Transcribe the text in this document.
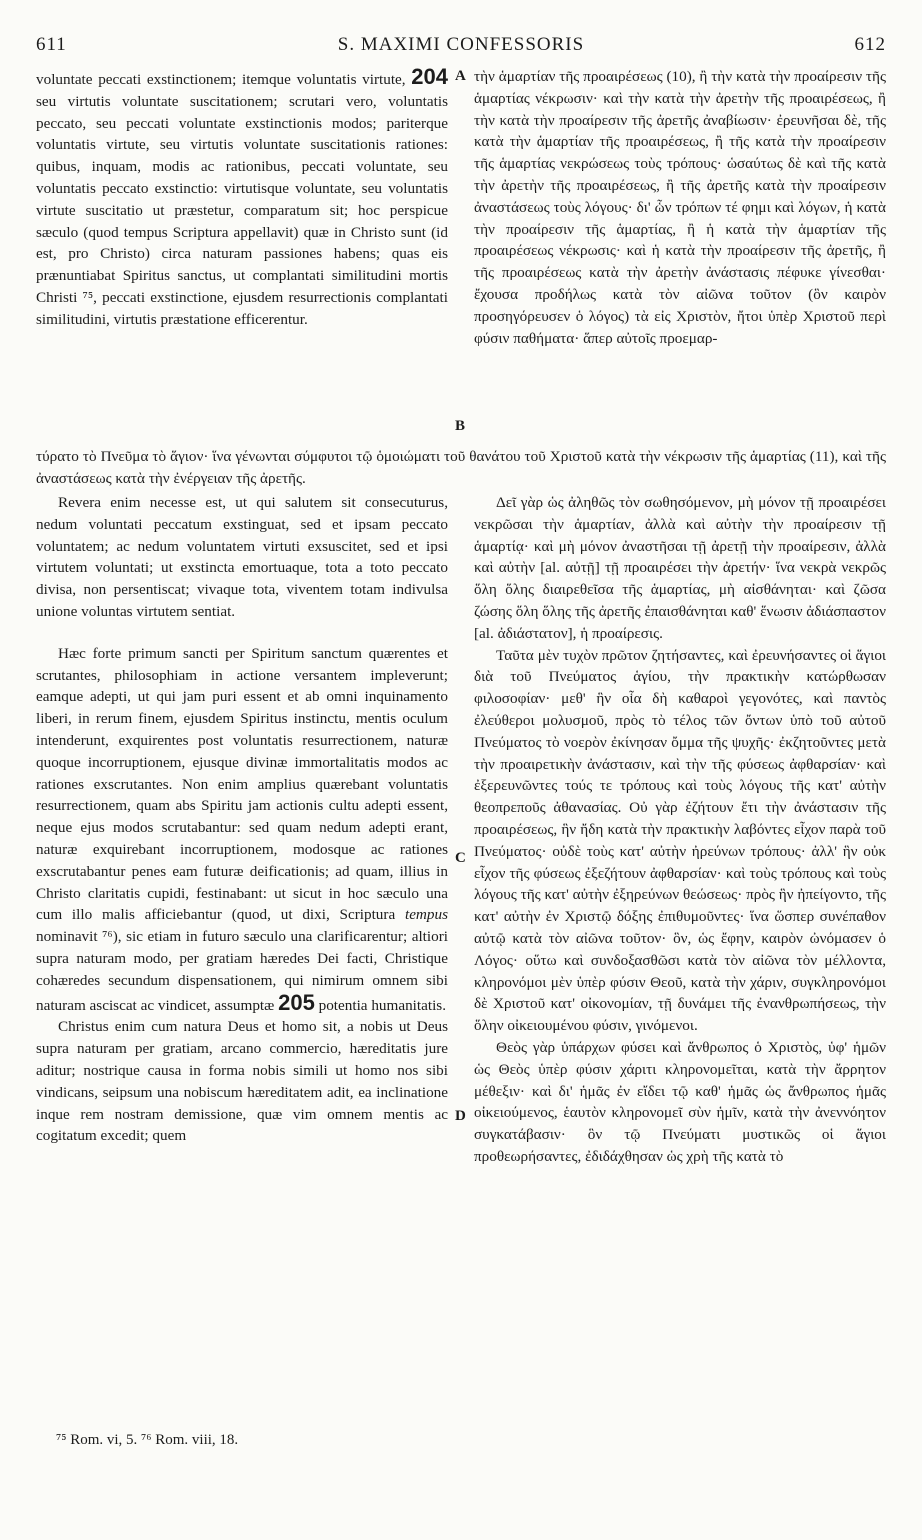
611	S. MAXIMI CONFESSORIS	612

voluntate peccati exstinctionem; itemque voluntatis virtute, 204 seu virtutis voluntate suscitationem; scrutari vero, voluntatis peccato, seu peccati voluntate exstinctionis modos; pariterque voluntatis virtute, seu virtutis voluntate suscitationis rationes: quibus, inquam, modis ac rationibus, peccati voluntate, seu voluntatis peccato exstinctio: virtutisque voluntate, seu voluntatis virtute suscitatio ut præstetur, comparatum sit; hoc perspicue sæculo (quod tempus Scriptura appellavit) quæ in Christo sunt (id est, pro Christo) circa naturam passiones habens; quas eis prænuntiabat Spiritus sanctus, ut complantati similitudini mortis Christi ⁷⁵, peccati exstinctione, ejusdem resurrectionis complantati similitudini, virtutis præstatione efficerentur.

τὴν ἁμαρτίαν τῆς προαιρέσεως (10), ἢ τὴν κατὰ τὴν προαίρεσιν τῆς ἁμαρτίας νέκρωσιν· καὶ τὴν κατὰ τὴν ἀρετὴν τῆς προαιρέσεως, ἢ τὴν κατὰ τὴν προαίρεσιν τῆς ἀρετῆς ἀναβίωσιν· ἐρευνῆσαι δὲ, τῆς κατὰ τὴν ἁμαρτίαν τῆς προαιρέσεως, ἢ τῆς κατὰ τὴν προαίρεσιν τῆς ἁμαρτίας νεκρώσεως τοὺς τρόπους· ὡσαύτως δὲ καὶ τῆς κατὰ τὴν ἀρετὴν τῆς προαιρέσεως, ἢ τῆς ἀρετῆς κατὰ τὴν προαίρεσιν ἀναστάσεως τοὺς λόγους· δι' ὧν τρόπων τέ φημι καὶ λόγων, ἡ κατὰ τὴν προαίρεσιν τῆς ἁμαρτίας, ἢ ἡ κατὰ τὴν ἁμαρτίαν τῆς προαιρέσεως νέκρωσις· καὶ ἡ κατὰ τὴν προαίρεσιν τῆς ἀρετῆς, ἢ τῆς προαιρέσεως κατὰ τὴν ἀρετὴν ἀνάστασις πέφυκε γίνεσθαι· ἔχουσα προδήλως κατὰ τὸν αἰῶνα τοῦτον (ὃν καιρὸν προσηγόρευσεν ὁ λόγος) τὰ εἰς Χριστὸν, ἤτοι ὑπὲρ Χριστοῦ περὶ φύσιν παθήματα· ἅπερ αὐτοῖς προεμαρ-

τύρατο τὸ Πνεῦμα τὸ ἅγιον· ἵνα γένωνται σύμφυτοι τῷ ὁμοιώματι τοῦ θανάτου τοῦ Χριστοῦ κατὰ τὴν νέκρωσιν τῆς ἁμαρτίας (11), καὶ τῆς ἀναστάσεως κατὰ τὴν ἐνέργειαν τῆς ἀρετῆς.

Revera enim necesse est, ut qui salutem sit consecuturus, nedum voluntati peccatum exstinguat, sed et ipsam peccato voluntatem; ac nedum voluntatem virtuti exsuscitet, sed et ipsi virtutem voluntati; ut exstincta emortuaque, tota a toto peccato divisa, non persentiscat; vivaque tota, viventem totam indivulsa unione voluntas virtutem sentiat.

Hæc forte primum sancti per Spiritum sanctum quærentes et scrutantes, philosophiam in actione versantem impleverunt; eamque adepti, ut qui jam puri essent et ab omni inquinamento liberi, in rerum finem, ejusdem Spiritus instinctu, mentis oculum intenderunt, exquirentes post voluntatis resurrectionem, naturæ quoque incorruptionem, ejusque divinæ immortalitatis modos ac rationes exscrutantes. Non enim amplius quærebant voluntatis resurrectionem, quam abs Spiritu jam actionis cultu adepti essent, neque ejus modos scrutabantur: sed quam nedum adepti erant, naturæ exquirebant incorruptionem, modosque ac rationes exscrutabantur penes eam futuræ deificationis; ad quam, illius in Christo claritatis cupidi, festinabant: ut sicut in hoc sæculo una cum illo malis afficiebantur (quod, ut dixi, Scriptura tempus nominavit ⁷⁶), sic etiam in futuro sæculo una clarificarentur; altiori supra naturam modo, per gratiam hæredes Dei facti, Christique cohæredes secundum dispensationem, qui nimirum omnem sibi naturam asciscat ac vindicet, assumptæ 205 potentia humanitatis.

Christus enim cum natura Deus et homo sit, a nobis ut Deus supra naturam per gratiam, arcano commercio, hæreditatis jure aditur; nostrique causa in forma nobis simili ut homo nos sibi vindicans, seipsum una nobiscum hæreditatem adit, ea inclinatione inque rem nostram demissione, quæ vim omnem mentis ac cogitatum excedit; quem

Δεῖ γὰρ ὡς ἀληθῶς τὸν σωθησόμενον, μὴ μόνον τῇ προαιρέσει νεκρῶσαι τὴν ἁμαρτίαν, ἀλλὰ καὶ αὐτὴν τὴν προαίρεσιν τῇ ἁμαρτίᾳ· καὶ μὴ μόνον ἀναστῆσαι τῇ ἀρετῇ τὴν προαίρεσιν, ἀλλὰ καὶ αὐτὴν [al. αὐτῇ] τῇ προαιρέσει τὴν ἀρετήν· ἵνα νεκρὰ νεκρῶς ὅλη ὅλης διαιρεθεῖσα τῆς ἁμαρτίας, μὴ αἰσθάνηται· καὶ ζῶσα ζώσης ὅλη ὅλης τῆς ἀρετῆς ἐπαισθάνηται καθ' ἕνωσιν ἀδιάσπαστον [al. ἀδιάστατον], ἡ προαίρεσις.

Ταῦτα μὲν τυχὸν πρῶτον ζητήσαντες, καὶ ἐρευνήσαντες οἱ ἅγιοι διὰ τοῦ Πνεύματος ἁγίου, τὴν πρακτικὴν κατώρθωσαν φιλοσοφίαν· μεθ' ἣν οἷα δὴ καθαροὶ γεγονότες, καὶ παντὸς ἐλεύθεροι μολυσμοῦ, πρὸς τὸ τέλος τῶν ὄντων ὑπὸ τοῦ αὐτοῦ Πνεύματος τὸ νοερὸν ἐκίνησαν ὄμμα τῆς ψυχῆς· ἐκζητοῦντες μετὰ τὴν προαιρετικὴν ἀνάστασιν, καὶ τὴν τῆς φύσεως ἀφθαρσίαν· καὶ ἐξερευνῶντες τούς τε τρόπους καὶ τοὺς λόγους τῆς κατ' αὐτὴν θεοπρεποῦς ἀθανασίας. Οὐ γὰρ ἐζήτουν ἔτι τὴν ἀνάστασιν τῆς προαιρέσεως, ἣν ἤδη κατὰ τὴν πρακτικὴν λαβόντες εἶχον παρὰ τοῦ Πνεύματος· οὐδὲ τοὺς κατ' αὐτὴν ἠρεύνων τρόπους· ἀλλ' ἣν οὐκ εἶχον τῆς φύσεως ἐξεζήτουν ἀφθαρσίαν· καὶ τοὺς τρόπους καὶ τοὺς λόγους τῆς κατ' αὐτὴν ἐξηρεύνων θεώσεως· πρὸς ἣν ἠπείγοντο, τῆς κατ' αὐτὴν ἐν Χριστῷ δόξης ἐπιθυμοῦντες· ἵνα ὥσπερ συνέπαθον αὐτῷ κατὰ τὸν αἰῶνα τοῦτον· ὃν, ὡς ἔφην, καιρὸν ὠνόμασεν ὁ Λόγος· οὕτω καὶ συνδοξασθῶσι κατὰ τὸν αἰῶνα τὸν μέλλοντα, κληρονόμοι μὲν ὑπὲρ φύσιν Θεοῦ, κατὰ τὴν χάριν, συγκληρονόμοι δὲ Χριστοῦ κατ' οἰκονομίαν, τῇ δυνάμει τῆς ἐνανθρωπήσεως, τὴν ὅλην οἰκειουμένου φύσιν, γινόμενοι.

Θεὸς γὰρ ὑπάρχων φύσει καὶ ἄνθρωπος ὁ Χριστὸς, ὑφ' ἡμῶν ὡς Θεὸς ὑπὲρ φύσιν χάριτι κληρονομεῖται, κατὰ τὴν ἄρρητον μέθεξιν· καὶ δι' ἡμᾶς ἐν εἴδει τῷ καθ' ἡμᾶς ὡς ἄνθρωπος ἡμᾶς οἰκειούμενος, ἑαυτὸν κληρονομεῖ σὺν ἡμῖν, κατὰ τὴν ἀνεννόητον συγκατάβασιν· ὃν τῷ Πνεύματι μυστικῶς οἱ ἅγιοι προθεωρήσαντες, ἐδιδάχθησαν ὡς χρὴ τῆς κατὰ τὸ

A
B
C
D
⁷⁵ Rom. vi, 5. ⁷⁶ Rom. viii, 18.
